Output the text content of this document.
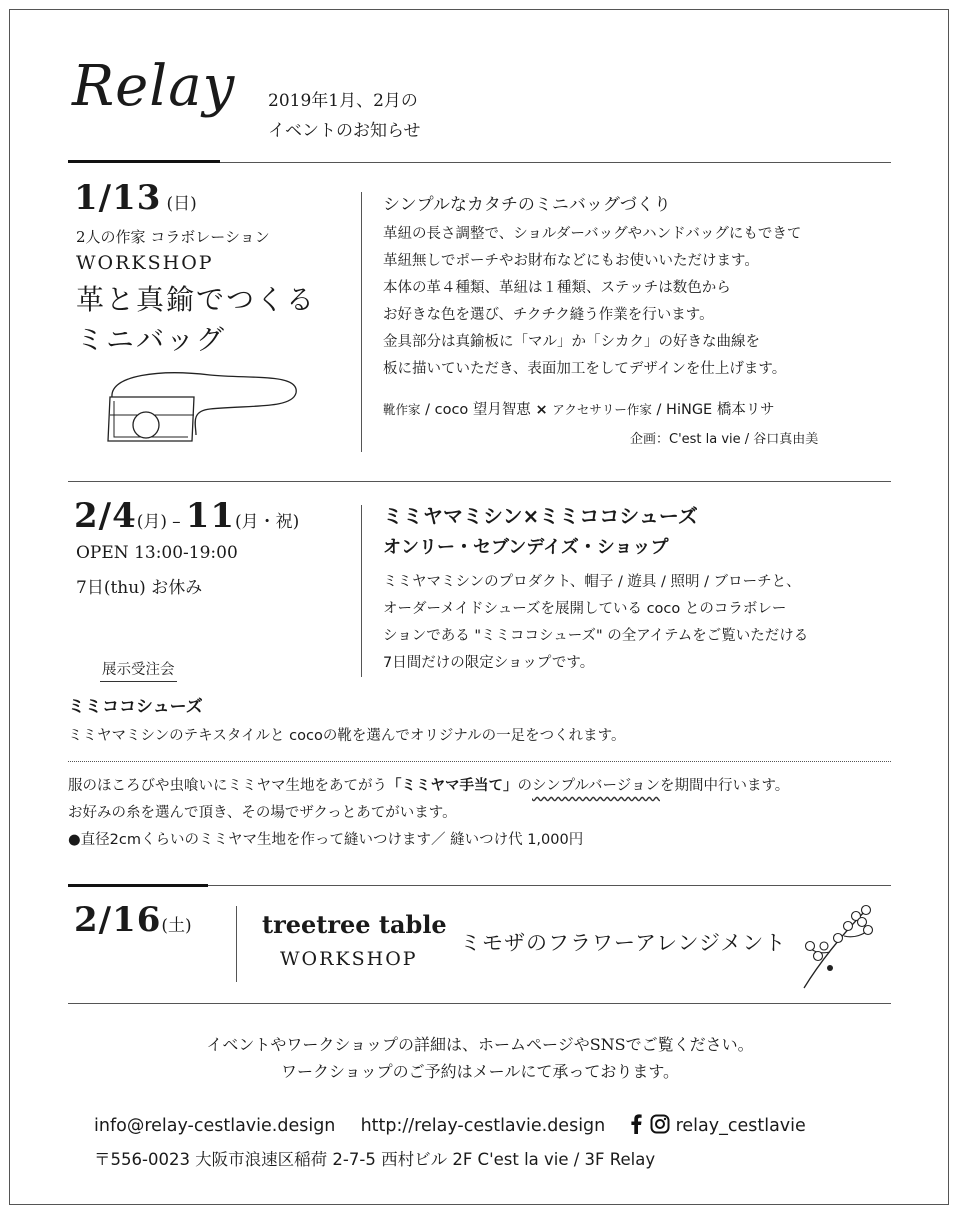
Relay 2019年1月、2月の
イベントのお知らせ
1/13 (日)
2人の作家 コラボレーション
WORKSHOP
革と真鍮でつくる
ミニバッグ
シンプルなカタチのミニバッグづくり
革紐の長さ調整で、ショルダーバッグやハンドバッグにもできて
革紐無しでポーチやお財布などにもお使いいただけます。
本体の革４種類、革紐は１種類、ステッチは数色から
お好きな色を選び、チクチク縫う作業を行います。
金具部分は真鍮板に「マル」か「シカク」の好きな曲線を
板に描いていただき、表面加工をしてデザインを仕上げます。
靴作家 / coco 望月智恵 × アクセサリー作家 / HiNGE 橋本リサ
企画：C'est la vie / 谷口真由美
2/4(月) – 11(月・祝)
OPEN 13:00-19:00
7日(thu) お休み
ミミヤマミシン×ミミココシューズ
オンリー・セブンデイズ・ショップ
ミミヤマミシンのプロダクト、帽子 / 遊具 / 照明 / ブローチと、
オーダーメイドシューズを展開している coco とのコラボレー
ションである "ミミココシューズ" の全アイテムをご覧いただける
7日間だけの限定ショップです。
展示受注会
ミミココシューズ
ミミヤマミシンのテキスタイルと cocoの靴を選んでオリジナルの一足をつくれます。
服のほころびや虫喰いにミミヤマ生地をあてがう「ミミヤマ手当て」のシンプルバージョンを期間中行います。
お好みの糸を選んで頂き、その場でザクっとあてがいます。
●直径2cmくらいのミミヤマ生地を作って縫いつけます／ 縫いつけ代 1,000円
2/16(土)	treetree table
WORKSHOP
ミモザのフラワーアレンジメント
イベントやワークショップの詳細は、ホームページやSNSでご覧ください。
ワークショップのご予約はメールにて承っております。
info@relay-cestlavie.design http://relay-cestlavie.design	relay_cestlavie
〒556-0023 大阪市浪速区稲荷 2-7-5 西村ビル 2F C'est la vie / 3F Relay
